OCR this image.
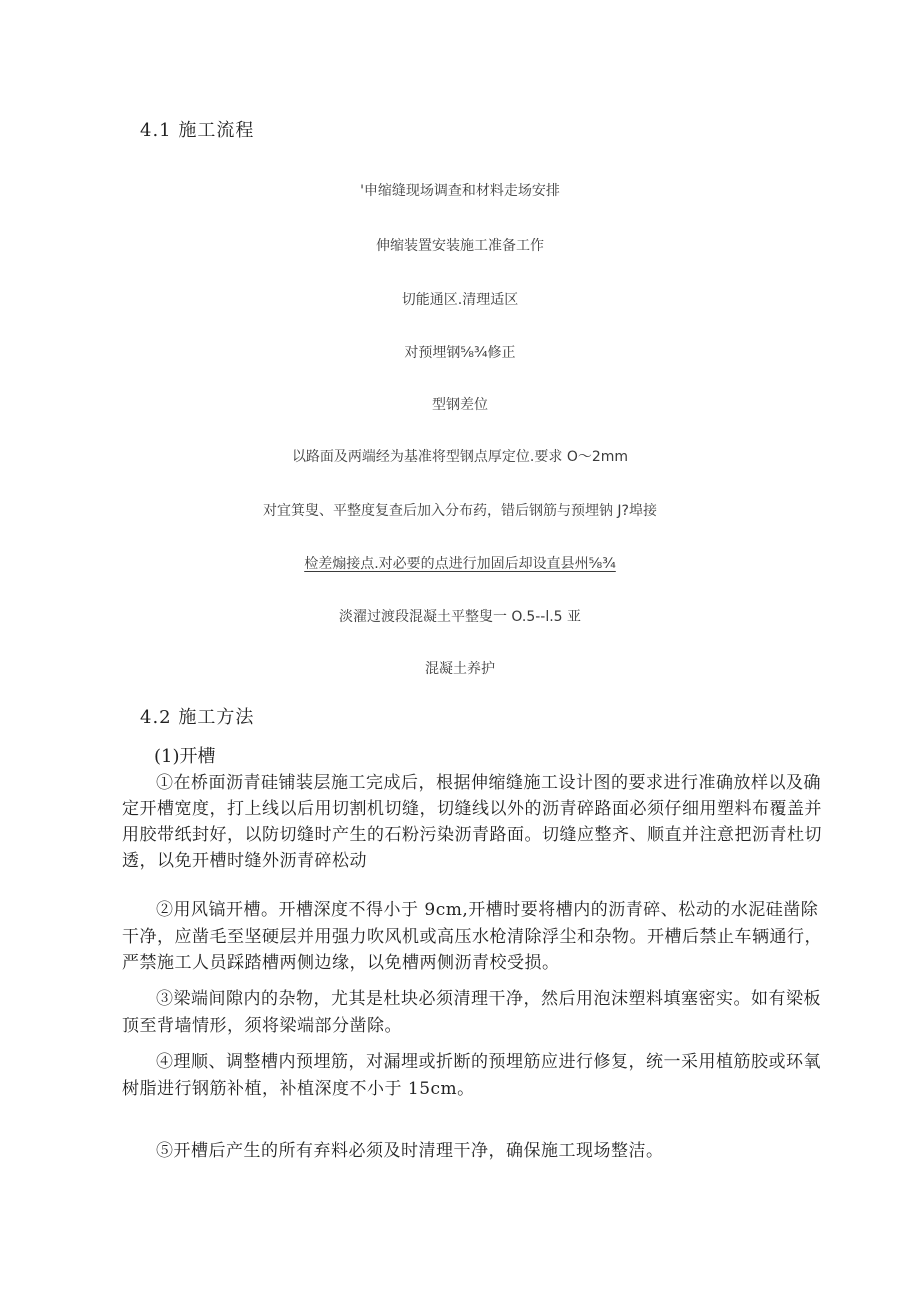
4.1 施工流程
'申缩缝现场调查和材料走场安排
伸缩装置安装施工准备工作
切能通区.清理适区
对预埋钢⅝¾修正
型钢差位
以路面及两端经为基准将型钢点厚定位.要求 O～2mm
对宜箕叟、平整度复查后加入分布药，错后钢筋与预埋钠 J?埠接
检差煽接点.对必要的点进行加固后却设直县州⅝¾
淡濯过渡段混凝土平整叟一 O.5--l.5 亚
混凝土养护
4.2 施工方法
(1)开槽

①在桥面沥青硅铺装层施工完成后，根据伸缩缝施工设计图的要求进行准确放样以及确定开槽宽度，打上线以后用切割机切缝，切缝线以外的沥青碎路面必须仔细用塑料布覆盖并用胶带纸封好，以防切缝时产生的石粉污染沥青路面。切缝应整齐、顺直并注意把沥青杜切透，以免开槽时缝外沥青碎松动

②用风镐开槽。开槽深度不得小于 9cm,开槽时要将槽内的沥青碎、松动的水泥硅凿除干净，应凿毛至坚硬层并用强力吹风机或高压水枪清除浮尘和杂物。开槽后禁止车辆通行，严禁施工人员踩踏槽两侧边缘，以免槽两侧沥青校受损。

③梁端间隙内的杂物，尤其是杜块必须清理干净，然后用泡沫塑料填塞密实。如有梁板顶至背墙情形，须将梁端部分凿除。

④理顺、调整槽内预埋筋，对漏埋或折断的预埋筋应进行修复，统一采用植筋胶或环氧树脂进行钢筋补植，补植深度不小于 15cm。

⑤开槽后产生的所有弃料必须及时清理干净，确保施工现场整洁。
